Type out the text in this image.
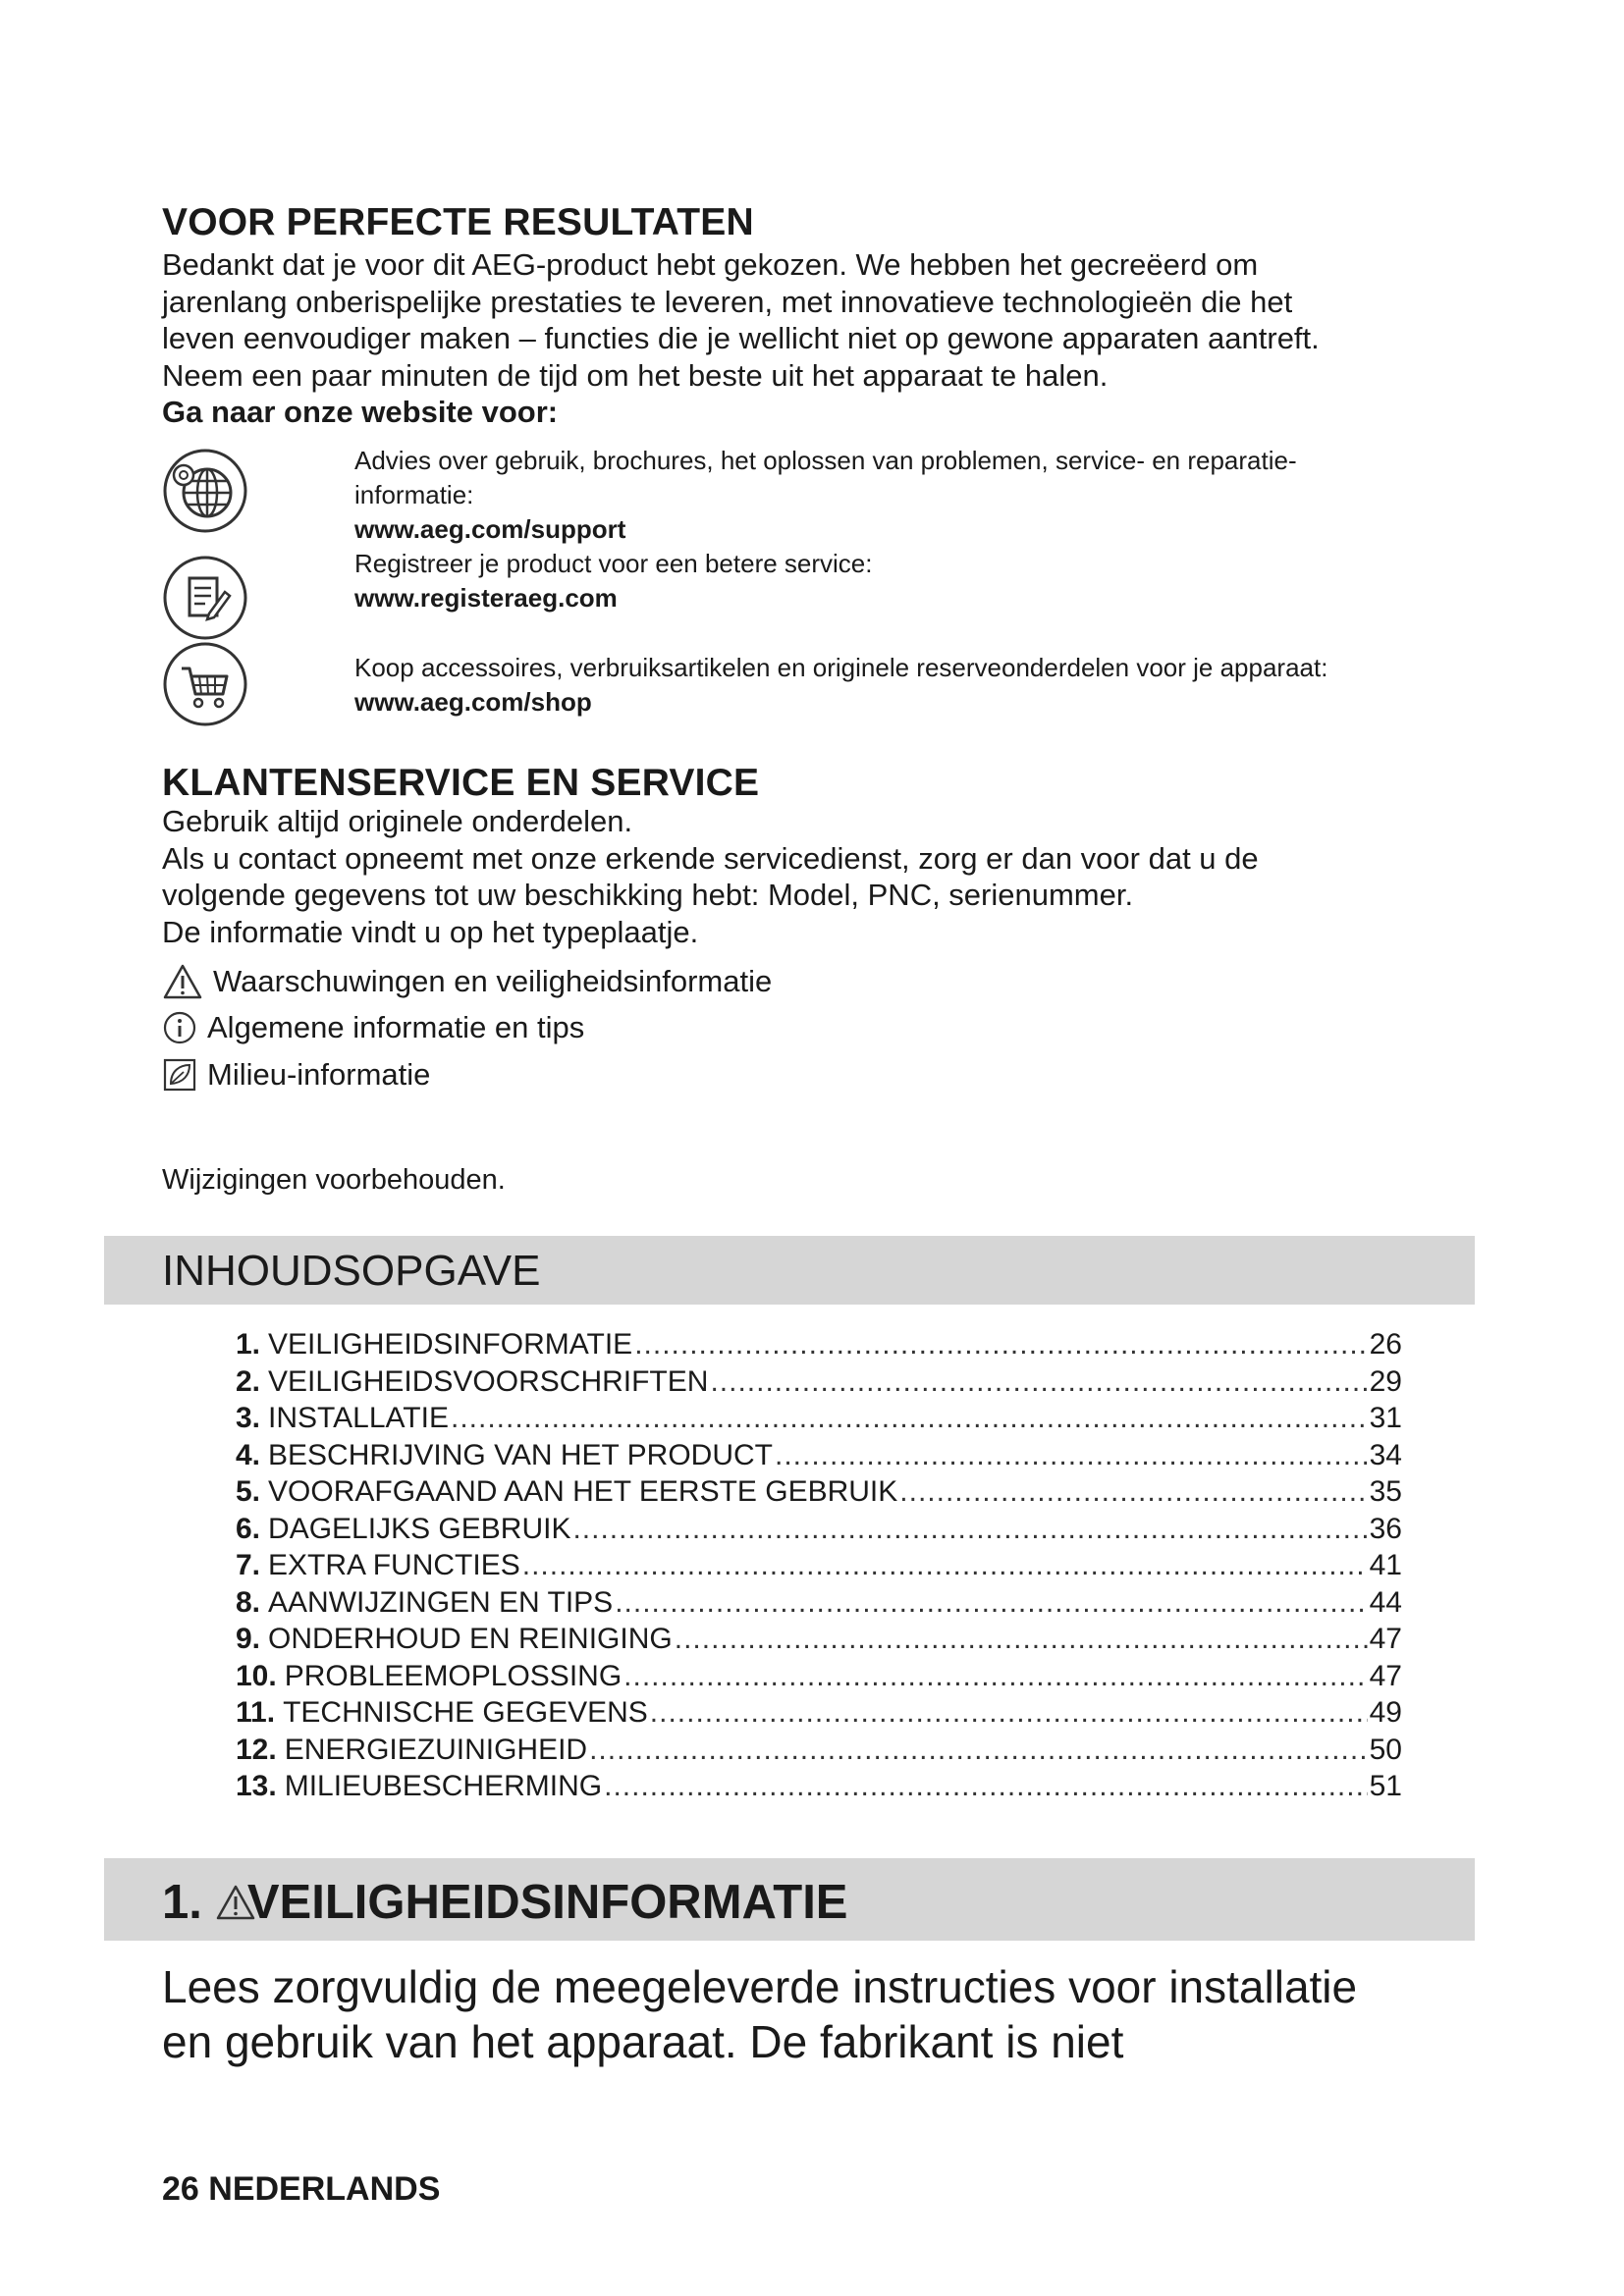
VOOR PERFECTE RESULTATEN

Bedankt dat je voor dit AEG-product hebt gekozen. We hebben het gecreëerd om

jarenlang onberispelijke prestaties te leveren, met innovatieve technologieën die het

leven eenvoudiger maken – functies die je wellicht niet op gewone apparaten aantreft.

Neem een paar minuten de tijd om het beste uit het apparaat te halen.

Ga naar onze website voor:

Advies over gebruik, brochures, het oplossen van problemen, service- en reparatie-

informatie:

www.aeg.com/support

Registreer je product voor een betere service:

www.registeraeg.com

Koop accessoires, verbruiksartikelen en originele reserveonderdelen voor je apparaat:

www.aeg.com/shop

KLANTENSERVICE EN SERVICE

Gebruik altijd originele onderdelen.

Als u contact opneemt met onze erkende servicedienst, zorg er dan voor dat u de

volgende gegevens tot uw beschikking hebt: Model, PNC, serienummer.

De informatie vindt u op het typeplaatje.

Waarschuwingen en veiligheidsinformatie
Algemene informatie en tips
Milieu-informatie
Wijzigingen voorbehouden.
INHOUDSOPGAVE
1. VEILIGHEIDSINFORMATIE .....	26
2. VEILIGHEIDSVOORSCHRIFTEN .....	29
3. INSTALLATIE .....	31
4. BESCHRIJVING VAN HET PRODUCT .....	34
5. VOORAFGAAND AAN HET EERSTE GEBRUIK .....	35
6. DAGELIJKS GEBRUIK .....	36
7. EXTRA FUNCTIES .....	41
8. AANWIJZINGEN EN TIPS .....	44
9. ONDERHOUD EN REINIGING .....	47
10. PROBLEEMOPLOSSING .....	47
11. TECHNISCHE GEGEVENS .....	49
12. ENERGIEZUINIGHEID .....	50
13. MILIEUBESCHERMING .....	51
1. VEILIGHEIDSINFORMATIE
Lees zorgvuldig de meegeleverde instructies voor installatie
en gebruik van het apparaat. De fabrikant is niet
26 NEDERLANDS
